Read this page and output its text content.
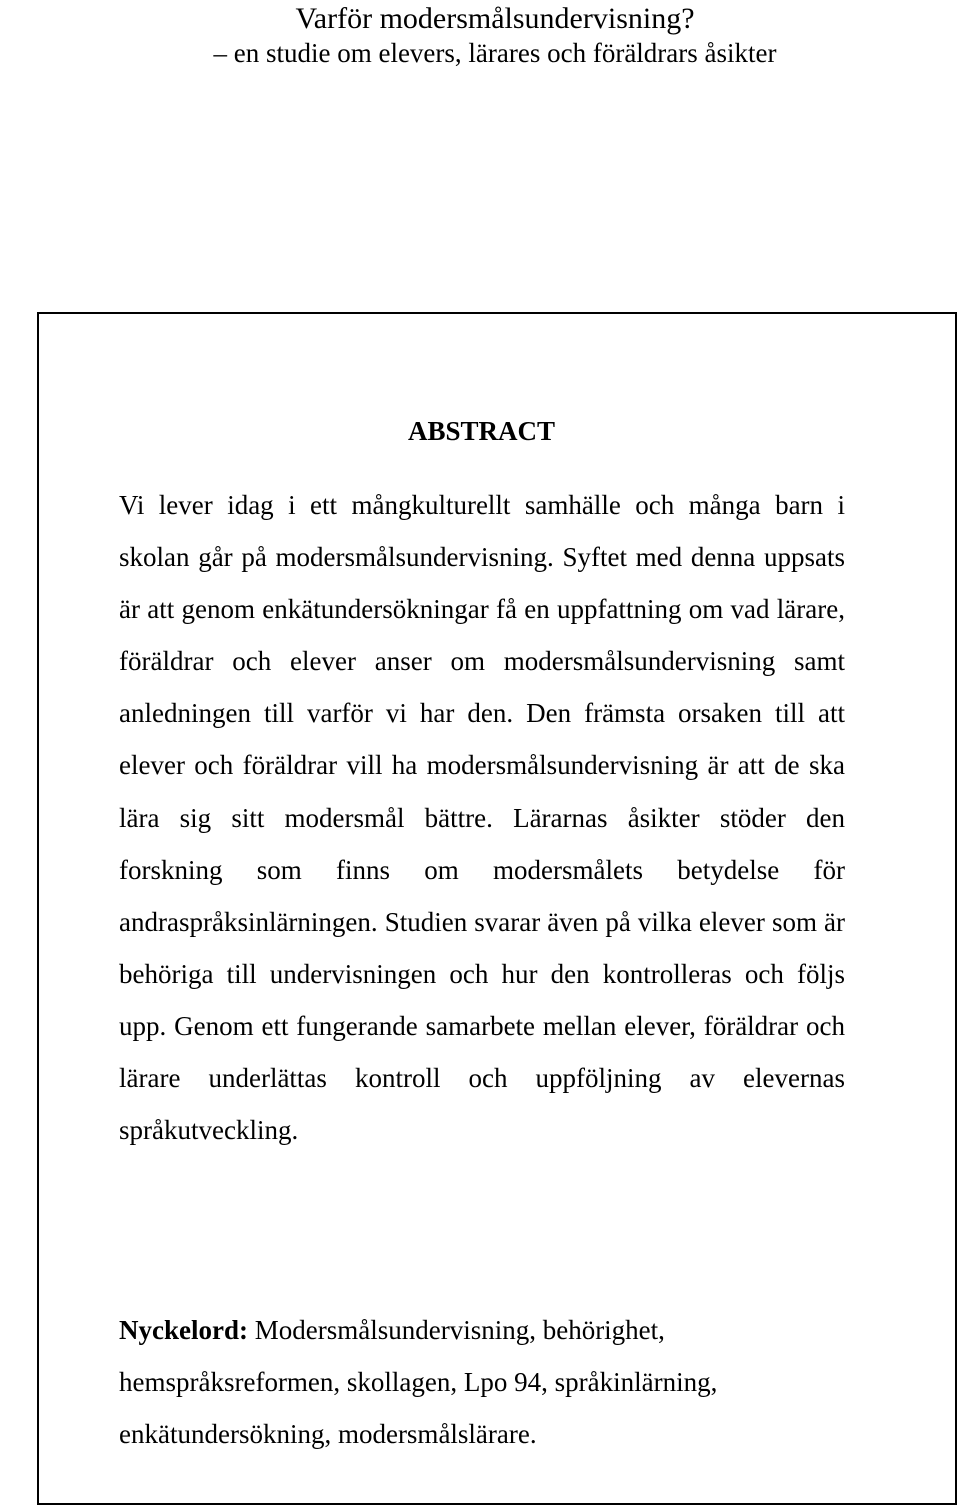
Varför modersmålsundervisning?
– en studie om elevers, lärares och föräldrars åsikter
ABSTRACT

Vi lever idag i ett mångkulturellt samhälle och många barn i skolan går på modersmålsundervisning. Syftet med denna uppsats är att genom enkätundersökningar få en uppfattning om vad lärare, föräldrar och elever anser om modersmålsundervisning samt anledningen till varför vi har den. Den främsta orsaken till att elever och föräldrar vill ha modersmålsundervisning är att de ska lära sig sitt modersmål bättre. Lärarnas åsikter stöder den forskning som finns om modersmålets betydelse för andraspråksinlärningen. Studien svarar även på vilka elever som är behöriga till undervisningen och hur den kontrolleras och följs upp. Genom ett fungerande samarbete mellan elever, föräldrar och lärare underlättas kontroll och uppföljning av elevernas språkutveckling.

Nyckelord: Modersmålsundervisning, behörighet, hemspråksreformen, skollagen, Lpo 94, språkinlärning, enkätundersökning, modersmålslärare.
